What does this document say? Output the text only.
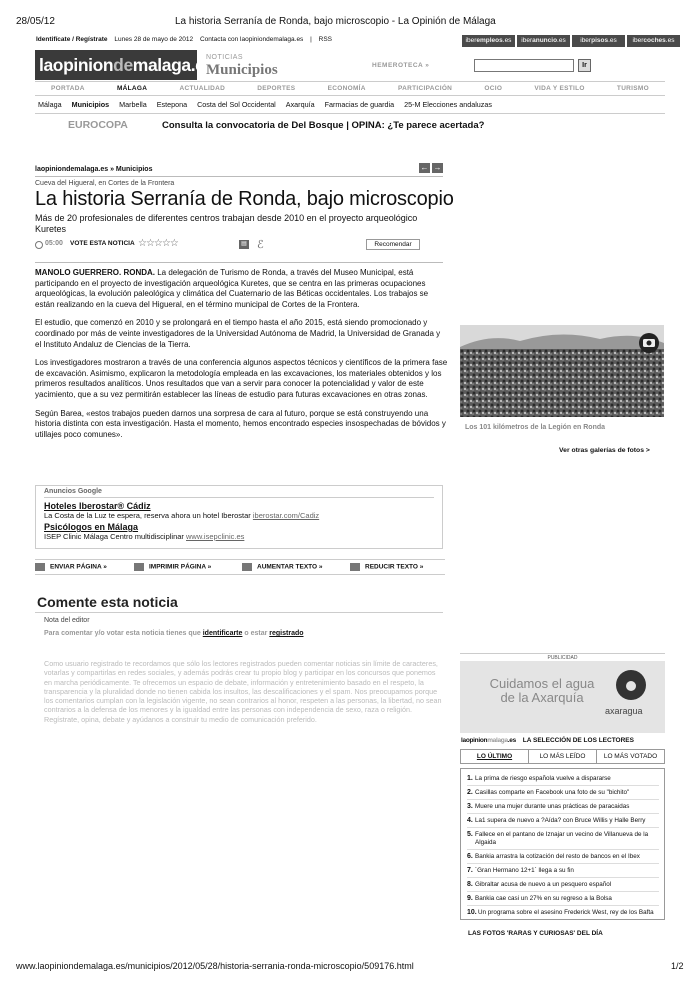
28/05/12	La historia Serranía de Ronda, bajo microscopio - La Opinión de Málaga
Identifícate / Regístrate Lunes 28 de mayo de 2012 Contacta con laopiniondemalaga.es | RSS	iberempleos.es	iberanuncio.es	iberpisos.es	ibercoches.es
laopiniondemalaga.es
NOTICIAS
Municipios	HEMEROTECA »	Ir
PORTADA	MÁLAGA	ACTUALIDAD	DEPORTES	ECONOMÍA	PARTICIPACIÓN	OCIO	VIDA Y ESTILO	TURISMO
Málaga Municipios Marbella Estepona Costa del Sol Occidental Axarquía Farmacias de guardia 25-M Elecciones andaluzas
EUROCOPA	Consulta la convocatoria de Del Bosque | OPINA: ¿Te parece acertada?
laopiniondemalaga.es » Municipios	← →
Cueva del Higueral, en Cortes de la Frontera
La historia Serranía de Ronda, bajo microscopio
Más de 20 profesionales de diferentes centros trabajan desde 2010 en el proyecto arqueológico Kuretes
05:00 VOTE ESTA NOTICIA ☆☆☆☆☆	▤ ℰ	Recomendar

MANOLO GUERRERO. RONDA. La delegación de Turismo de Ronda, a través del Museo Municipal, está participando en el proyecto de investigación arqueológica Kuretes, que se centra en las primeras ocupaciones arqueológicas, la evolución paleológica y climática del Cuaternario de las Béticas occidentales. Los trabajos se están realizando en la cueva del Higueral, en el término municipal de Cortes de la Frontera.

El estudio, que comenzó en 2010 y se prolongará en el tiempo hasta el año 2015, está siendo promocionado y coordinado por más de veinte investigadores de la Universidad Autónoma de Madrid, la Universidad de Granada y el Instituto Andaluz de Ciencias de la Tierra.

Los investigadores mostraron a través de una conferencia algunos aspectos técnicos y científicos de la primera fase de excavación. Asimismo, explicaron la metodología empleada en las excavaciones, los materiales obtenidos y los primeros resultados analíticos. Unos resultados que van a servir para conocer la potencialidad y valor de este yacimiento, que a su vez permitirán establecer las líneas de estudio para futuras excavaciones en otras zonas.

Según Barea, «estos trabajos pueden darnos una sorpresa de cara al futuro, porque se está construyendo una historia distinta con esta investigación. Hasta el momento, hemos encontrado especies insospechadas de bóvidos y utillajes poco comunes».

Los 101 kilómetros de la Legión en Ronda
Ver otras galerías de fotos >
Anuncios Google
Hoteles Iberostar® Cádiz
La Costa de la Luz te espera, reserva ahora un hotel Iberostar iberostar.com/Cadiz
Psicólogos en Málaga
ISEP Clinic Málaga Centro multidisciplinar www.isepclinic.es
ENVIAR PÁGINA »	IMPRIMIR PÁGINA »	AUMENTAR TEXTO »	REDUCIR TEXTO »
Comente esta noticia
Nota del editor
Para comentar y/o votar esta noticia tienes que identificarte o estar registrado
Como usuario registrado te recordamos que sólo los lectores registrados pueden comentar noticias sin límite de caracteres, votarlas y compartirlas en redes sociales, y además podrás crear tu propio blog y participar en los concursos que ponemos en marcha periódicamente. Te ofrecemos un espacio de debate, información y entretenimiento basado en el respeto, la transparencia y la pluralidad donde no tienen cabida los insultos, las descalificaciones y el spam. Nos preocupamos porque los comentarios cumplan con la legislación vigente, no sean contrarios al honor, respeten a las personas, la libertad, no sean contrarios a la defensa de los menores y la igualdad entre las personas con independencia de sexo, raza o religión. Regístrate, opina, debate y ayúdanos a construir tu medio de comunicación preferido.
PUBLICIDAD
Cuidamos el agua de la Axarquía
axaragua
laopinionmalaga.es LA SELECCIÓN DE LOS LECTORES
LO ÚLTIMO	LO MÁS LEÍDO	LO MÁS VOTADO
1. La prima de riesgo española vuelve a dispararse
2. Casillas comparte en Facebook una foto de su "bichito"
3. Muere una mujer durante unas prácticas de paracaidas
4. La1 supera de nuevo a ?Aída? con Bruce Willis y Halle Berry
5. Fallece en el pantano de Iznajar un vecino de Villanueva de la Algaida
6. Bankia arrastra la cotización del resto de bancos en el Ibex
7. ´Gran Hermano 12+1´ llega a su fin
8. Gibraltar acusa de nuevo a un pesquero español
9. Bankia cae casi un 27% en su regreso a la Bolsa
10. Un programa sobre el asesino Frederick West, rey de los Bafta
LAS FOTOS 'RARAS Y CURIOSAS' DEL DÍA
www.laopiniondemalaga.es/municipios/2012/05/28/historia-serrania-ronda-microscopio/509176.html	1/2
